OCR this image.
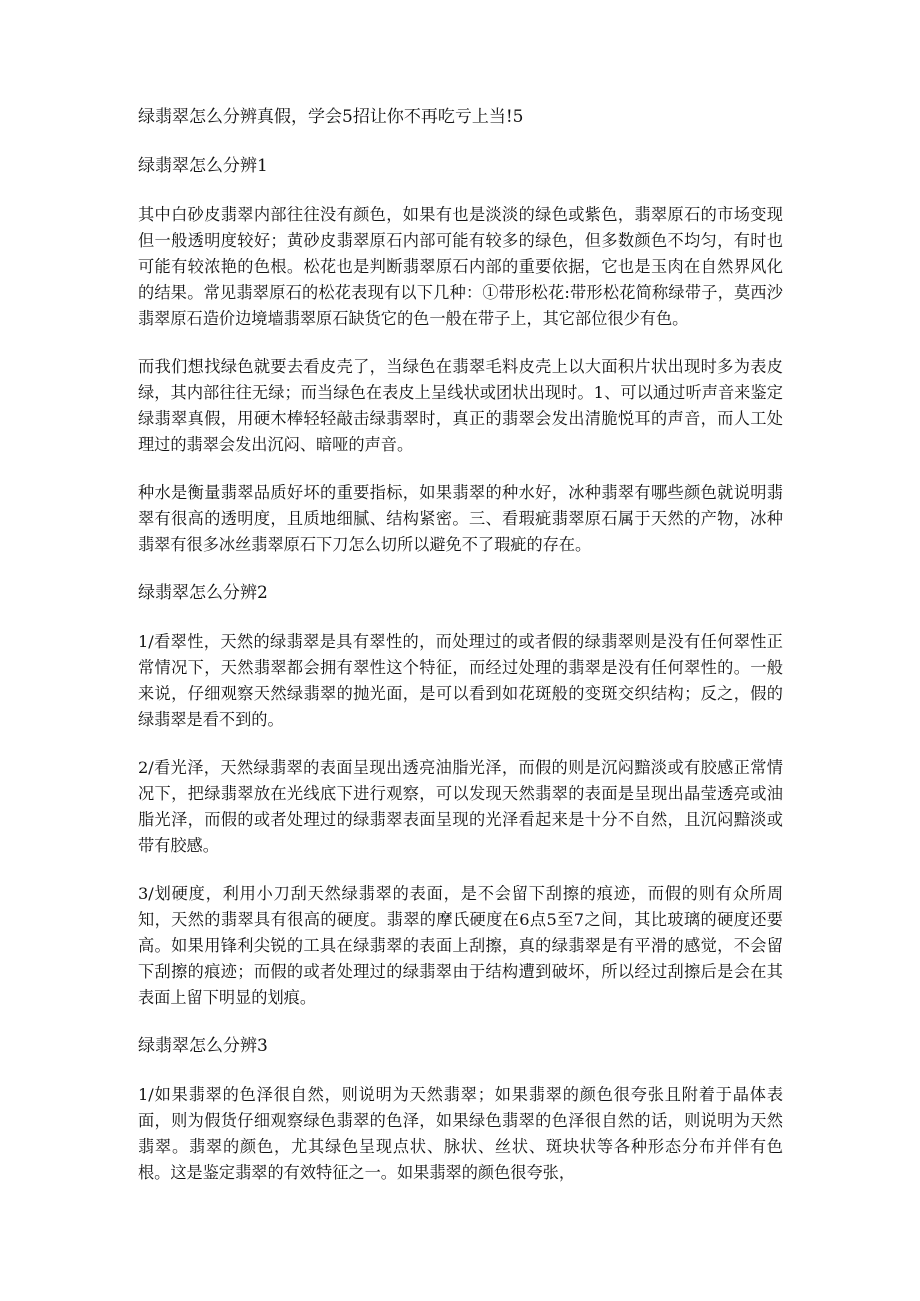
绿翡翠怎么分辨真假，学会5招让你不再吃亏上当!5
绿翡翠怎么分辨1

其中白砂皮翡翠内部往往没有颜色，如果有也是淡淡的绿色或紫色，翡翠原石的市场变现但一般透明度较好；黄砂皮翡翠原石内部可能有较多的绿色，但多数颜色不均匀，有时也可能有较浓艳的色根。松花也是判断翡翠原石内部的重要依据，它也是玉肉在自然界风化的结果。常见翡翠原石的松花表现有以下几种：①带形松花:带形松花简称绿带子，莫西沙翡翠原石造价边境墙翡翠原石缺货它的色一般在带子上，其它部位很少有色。

而我们想找绿色就要去看皮壳了，当绿色在翡翠毛料皮壳上以大面积片状出现时多为表皮绿，其内部往往无绿；而当绿色在表皮上呈线状或团状出现时。1、可以通过听声音来鉴定绿翡翠真假，用硬木棒轻轻敲击绿翡翠时，真正的翡翠会发出清脆悦耳的声音，而人工处理过的翡翠会发出沉闷、暗哑的声音。

种水是衡量翡翠品质好坏的重要指标，如果翡翠的种水好，冰种翡翠有哪些颜色就说明翡翠有很高的透明度，且质地细腻、结构紧密。三、看瑕疵翡翠原石属于天然的产物，冰种翡翠有很多冰丝翡翠原石下刀怎么切所以避免不了瑕疵的存在。

绿翡翠怎么分辨2

1/看翠性，天然的绿翡翠是具有翠性的，而处理过的或者假的绿翡翠则是没有任何翠性正常情况下，天然翡翠都会拥有翠性这个特征，而经过处理的翡翠是没有任何翠性的。一般来说，仔细观察天然绿翡翠的抛光面，是可以看到如花斑般的变斑交织结构；反之，假的绿翡翠是看不到的。

2/看光泽，天然绿翡翠的表面呈现出透亮油脂光泽，而假的则是沉闷黯淡或有胶感正常情况下，把绿翡翠放在光线底下进行观察，可以发现天然翡翠的表面是呈现出晶莹透亮或油脂光泽，而假的或者处理过的绿翡翠表面呈现的光泽看起来是十分不自然，且沉闷黯淡或带有胶感。

3/划硬度，利用小刀刮天然绿翡翠的表面，是不会留下刮擦的痕迹，而假的则有众所周知，天然的翡翠具有很高的硬度。翡翠的摩氏硬度在6点5至7之间，其比玻璃的硬度还要高。如果用锋利尖锐的工具在绿翡翠的表面上刮擦，真的绿翡翠是有平滑的感觉，不会留下刮擦的痕迹；而假的或者处理过的绿翡翠由于结构遭到破坏，所以经过刮擦后是会在其表面上留下明显的划痕。

绿翡翠怎么分辨3

1/如果翡翠的色泽很自然，则说明为天然翡翠；如果翡翠的颜色很夸张且附着于晶体表面，则为假货仔细观察绿色翡翠的色泽，如果绿色翡翠的色泽很自然的话，则说明为天然翡翠。翡翠的颜色，尤其绿色呈现点状、脉状、丝状、斑块状等各种形态分布并伴有色根。这是鉴定翡翠的有效特征之一。如果翡翠的颜色很夸张，
